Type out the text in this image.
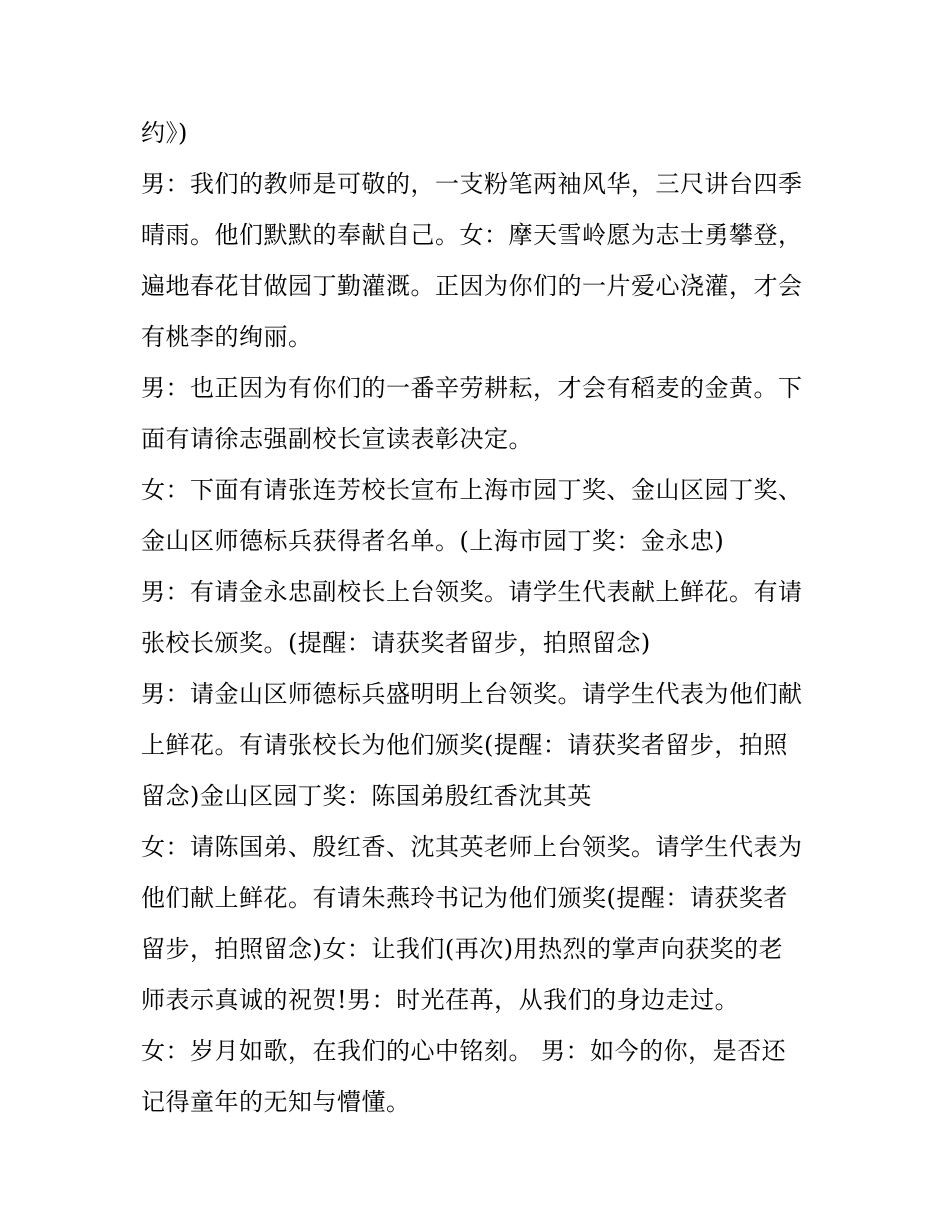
约》)
男：我们的教师是可敬的，一支粉笔两袖风华，三尺讲台四季
晴雨。他们默默的奉献自己。女：摩天雪岭愿为志士勇攀登，
遍地春花甘做园丁勤灌溉。正因为你们的一片爱心浇灌，才会
有桃李的绚丽。
男：也正因为有你们的一番辛劳耕耘，才会有稻麦的金黄。下
面有请徐志强副校长宣读表彰决定。
女：下面有请张连芳校长宣布上海市园丁奖、金山区园丁奖、
金山区师德标兵获得者名单。(上海市园丁奖：金永忠)
男：有请金永忠副校长上台领奖。请学生代表献上鲜花。有请
张校长颁奖。(提醒：请获奖者留步，拍照留念)
男：请金山区师德标兵盛明明上台领奖。请学生代表为他们献
上鲜花。有请张校长为他们颁奖(提醒：请获奖者留步，拍照
留念)金山区园丁奖：陈国弟殷红香沈其英
女：请陈国弟、殷红香、沈其英老师上台领奖。请学生代表为
他们献上鲜花。有请朱燕玲书记为他们颁奖(提醒：请获奖者
留步，拍照留念)女：让我们(再次)用热烈的掌声向获奖的老
师表示真诚的祝贺!男：时光荏苒，从我们的身边走过。
女：岁月如歌，在我们的心中铭刻。 男：如今的你，是否还
记得童年的无知与懵懂。
